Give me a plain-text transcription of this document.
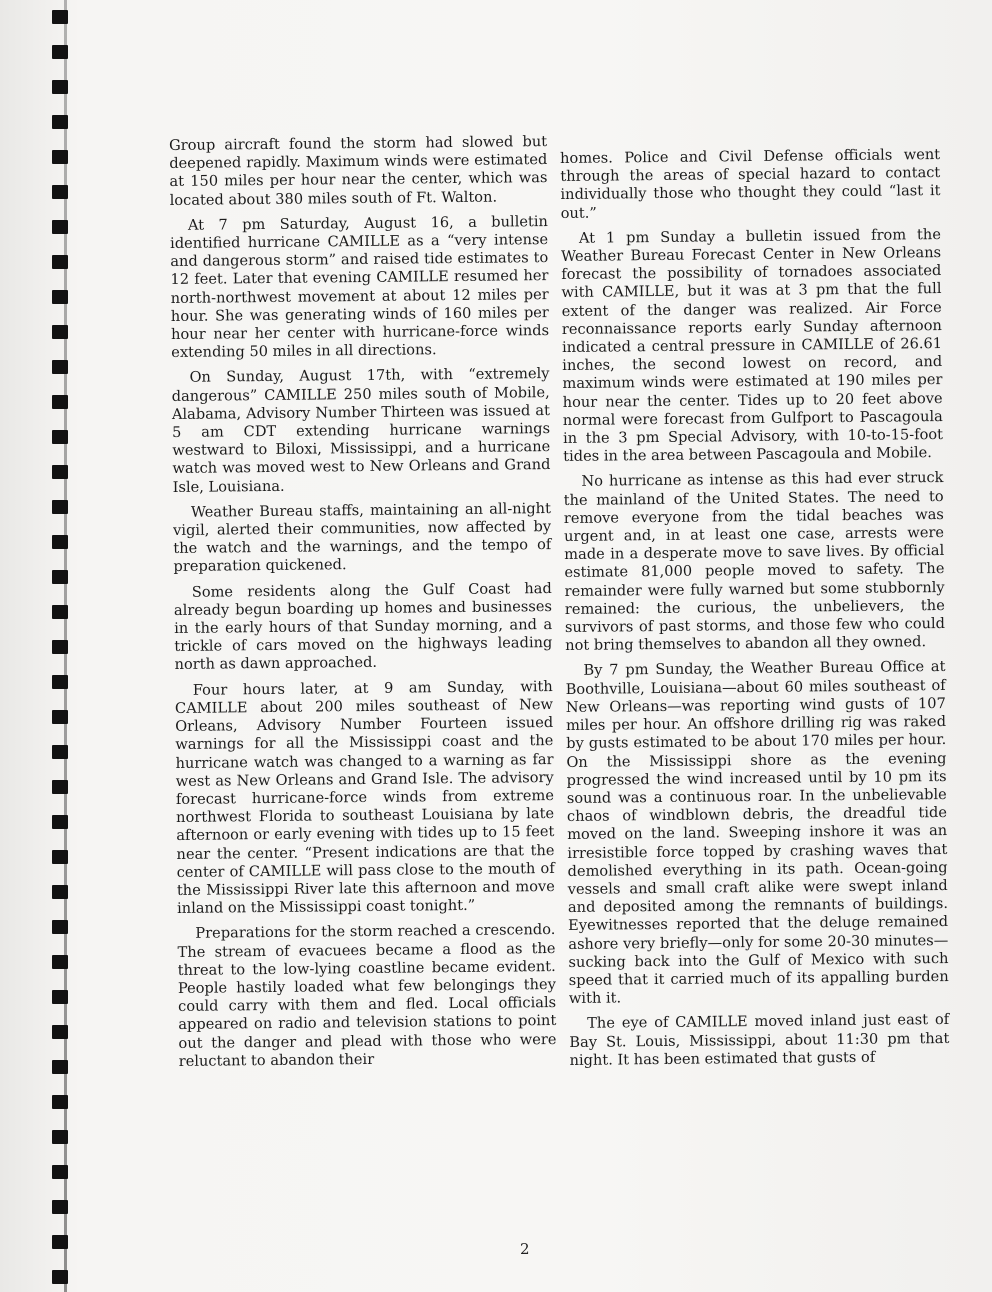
Group aircraft found the storm had slowed but deepened rapidly. Maximum winds were estimated at 150 miles per hour near the center, which was located about 380 miles south of Ft. Walton.

At 7 pm Saturday, August 16, a bulletin identified hurricane CAMILLE as a “very intense and dangerous storm” and raised tide estimates to 12 feet. Later that evening CAMILLE resumed her north-northwest movement at about 12 miles per hour. She was generating winds of 160 miles per hour near her center with hurricane-force winds extending 50 miles in all directions.

On Sunday, August 17th, with “extremely dangerous” CAMILLE 250 miles south of Mobile, Alabama, Advisory Number Thirteen was issued at 5 am CDT extending hurricane warnings westward to Biloxi, Mississippi, and a hurricane watch was moved west to New Orleans and Grand Isle, Louisiana.

Weather Bureau staffs, maintaining an all-night vigil, alerted their communities, now affected by the watch and the warnings, and the tempo of preparation quickened.

Some residents along the Gulf Coast had already begun boarding up homes and businesses in the early hours of that Sunday morning, and a trickle of cars moved on the highways leading north as dawn approached.

Four hours later, at 9 am Sunday, with CAMILLE about 200 miles southeast of New Orleans, Advisory Number Fourteen issued warnings for all the Mississippi coast and the hurricane watch was changed to a warning as far west as New Orleans and Grand Isle. The advisory forecast hurricane-force winds from extreme northwest Florida to southeast Louisiana by late afternoon or early evening with tides up to 15 feet near the center. “Present indications are that the center of CAMILLE will pass close to the mouth of the Mississippi River late this afternoon and move inland on the Mississippi coast tonight.”

Preparations for the storm reached a crescendo. The stream of evacuees became a flood as the threat to the low-lying coastline became evident. People hastily loaded what few belongings they could carry with them and fled. Local officials appeared on radio and television stations to point out the danger and plead with those who were reluctant to abandon their

homes. Police and Civil Defense officials went through the areas of special hazard to contact individually those who thought they could “last it out.”

At 1 pm Sunday a bulletin issued from the Weather Bureau Forecast Center in New Orleans forecast the possibility of tornadoes associated with CAMILLE, but it was at 3 pm that the full extent of the danger was realized. Air Force reconnaissance reports early Sunday afternoon indicated a central pressure in CAMILLE of 26.61 inches, the second lowest on record, and maximum winds were estimated at 190 miles per hour near the center. Tides up to 20 feet above normal were forecast from Gulfport to Pascagoula in the 3 pm Special Advisory, with 10-to-15-foot tides in the area between Pascagoula and Mobile.

No hurricane as intense as this had ever struck the mainland of the United States. The need to remove everyone from the tidal beaches was urgent and, in at least one case, arrests were made in a desperate move to save lives. By official estimate 81,000 people moved to safety. The remainder were fully warned but some stubbornly remained: the curious, the unbelievers, the survivors of past storms, and those few who could not bring themselves to abandon all they owned.

By 7 pm Sunday, the Weather Bureau Office at Boothville, Louisiana—about 60 miles southeast of New Orleans—was reporting wind gusts of 107 miles per hour. An offshore drilling rig was raked by gusts estimated to be about 170 miles per hour. On the Mississippi shore as the evening progressed the wind increased until by 10 pm its sound was a continuous roar. In the unbelievable chaos of windblown debris, the dreadful tide moved on the land. Sweeping inshore it was an irresistible force topped by crashing waves that demolished everything in its path. Ocean-going vessels and small craft alike were swept inland and deposited among the remnants of buildings. Eyewitnesses reported that the deluge remained ashore very briefly—only for some 20-30 minutes—sucking back into the Gulf of Mexico with such speed that it carried much of its appalling burden with it.

The eye of CAMILLE moved inland just east of Bay St. Louis, Mississippi, about 11:30 pm that night. It has been estimated that gusts of

2
